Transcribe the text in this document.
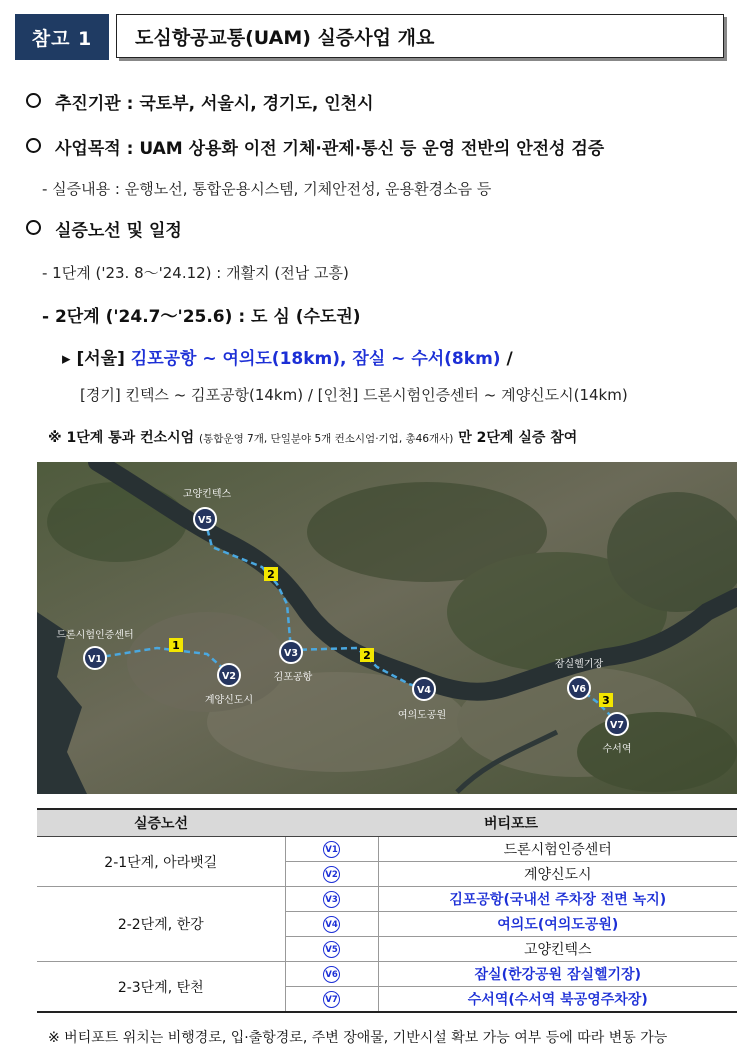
참고 1	도심항공교통(UAM) 실증사업 개요
추진기관 : 국토부, 서울시, 경기도, 인천시
사업목적 : UAM 상용화 이전 기체·관제·통신 등 운영 전반의 안전성 검증
- 실증내용 : 운행노선, 통합운용시스템, 기체안전성, 운용환경소음 등
실증노선 및 일정
- 1단계 ('23. 8～'24.12) : 개활지 (전남 고흥)
- 2단계 ('24.7～'25.6) : 도 심 (수도권)
▸ [서울] 김포공항 ~ 여의도(18km), 잠실 ~ 수서(8km) /
[경기] 킨텍스 ~ 김포공항(14km) / [인천] 드론시험인증센터 ~ 계양신도시(14km)
※ 1단계 통과 컨소시엄 (통합운영 7개, 단일분야 5개 컨소시엄·기업, 총46개사) 만 2단계 실증 참여
1
2
2
3
V1
드론시험인증센터
V2
계양신도시
V3
김포공항
V4
여의도공원
V5
고양킨텍스
V6
잠실헬기장
V7
수서역
실증노선	버티포트	
2-1단계, 아라뱃길	V1	드론시험인증센터
	V2	계양신도시
2-2단계, 한강	V3	김포공항(국내선 주차장 전면 녹지)
	V4	여의도(여의도공원)
	V5	고양킨텍스
2-3단계, 탄천	V6	잠실(한강공원 잠실헬기장)
	V7	수서역(수서역 북공영주차장)
※ 버티포트 위치는 비행경로, 입·출항경로, 주변 장애물, 기반시설 확보 가능 여부 등에 따라 변동 가능
